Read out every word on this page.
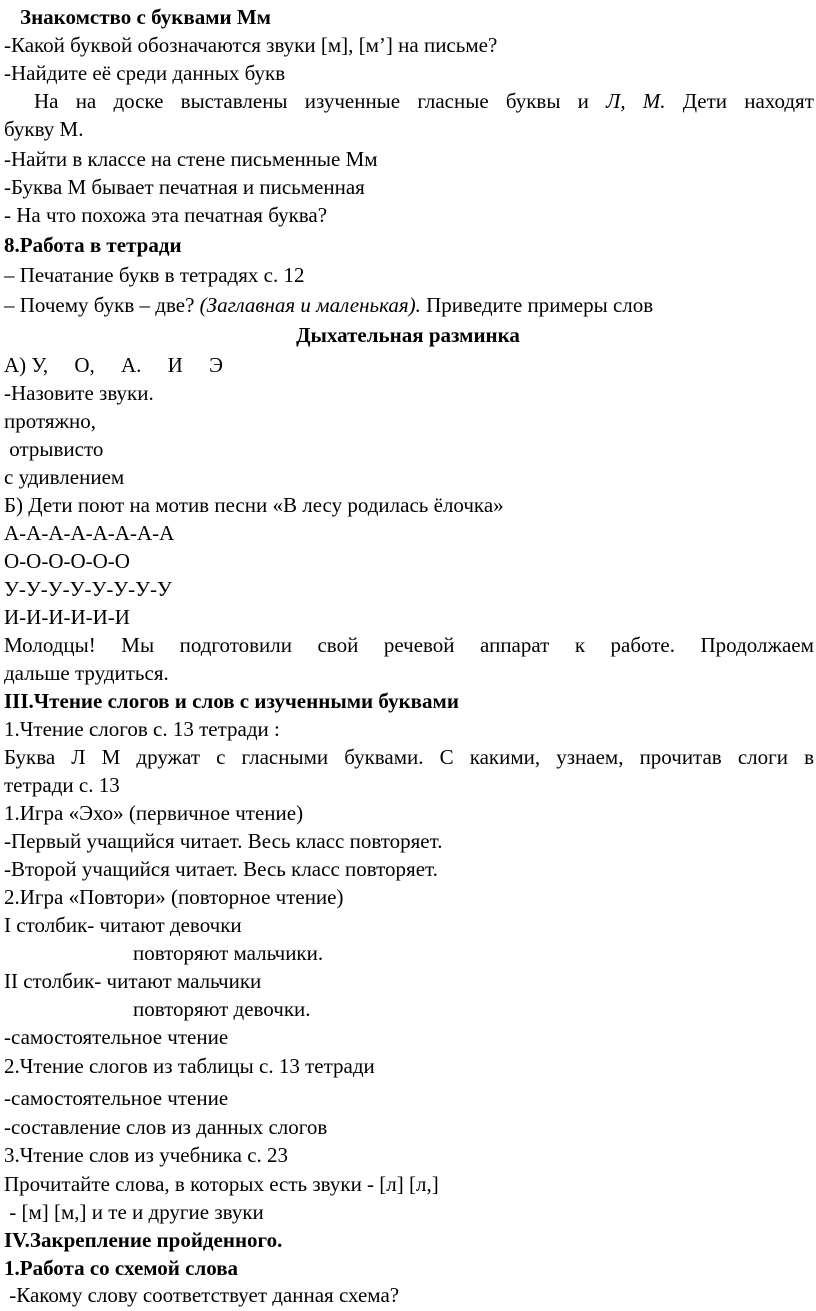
Знакомство с буквами Мм
-Какой буквой обозначаются звуки [м], [м’] на письме?
-Найдите её среди данных букв
На на доске выставлены изученные гласные буквы и Л, М. Дети находят
букву М.
-Найти в классе на стене письменные Мм
-Буква М бывает печатная и письменная
- На что похожа эта печатная буква?
8.Работа в тетради
– Печатание букв в тетрадях с. 12
– Почему букв – две? (Заглавная и маленькая). Приведите примеры слов
Дыхательная разминка
А) У,     О,     А.     И     Э
-Назовите звуки.
протяжно,
отрывисто
с удивлением
Б) Дети поют на мотив песни «В лесу родилась ёлочка»
А-А-А-А-А-А-А-А
О-О-О-О-О-О
У-У-У-У-У-У-У-У
И-И-И-И-И-И
Молодцы! Мы подготовили свой речевой аппарат к работе. Продолжаем
дальше трудиться.
III.Чтение слогов и слов с изученными буквами
1.Чтение слогов с. 13 тетради :
Буква Л М дружат с гласными буквами. С какими, узнаем, прочитав слоги в
тетради с. 13
1.Игра «Эхо» (первичное чтение)
-Первый учащийся читает. Весь класс повторяет.
-Второй учащийся читает. Весь класс повторяет.
2.Игра «Повтори» (повторное чтение)
I столбик- читают девочки
повторяют мальчики.
II столбик- читают мальчики
повторяют девочки.
-самостоятельное чтение
2.Чтение слогов из таблицы с. 13 тетради
-самостоятельное чтение
-составление слов из данных слогов
3.Чтение слов из учебника с. 23
Прочитайте слова, в которых есть звуки - [л] [л,]
- [м] [м,] и те и другие звуки
IV.Закрепление пройденного.
1.Работа со схемой слова
-Какому слову соответствует данная схема?
